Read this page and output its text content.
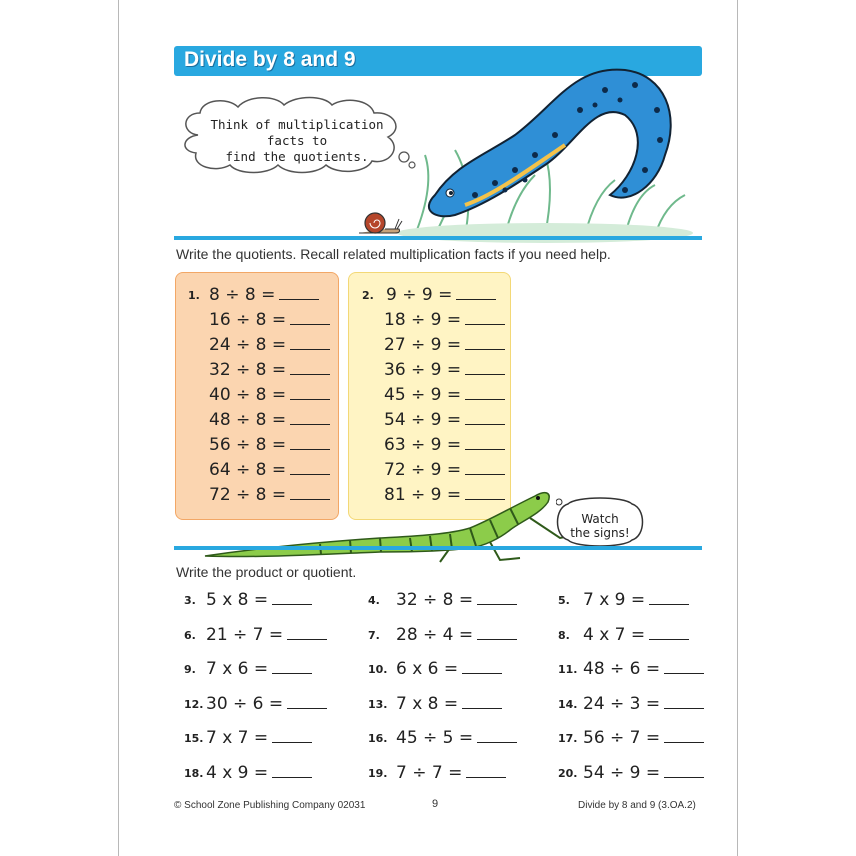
Divide by 8 and 9
Think of multiplication facts to
find the quotients.
Write the quotients. Recall related multiplication facts if you need help.
1. 8 ÷ 8 =
16 ÷ 8 =
24 ÷ 8 =
32 ÷ 8 =
40 ÷ 8 =
48 ÷ 8 =
56 ÷ 8 =
64 ÷ 8 =
72 ÷ 8 =
2. 9 ÷ 9 =
18 ÷ 9 =
27 ÷ 9 =
36 ÷ 9 =
45 ÷ 9 =
54 ÷ 9 =
63 ÷ 9 =
72 ÷ 9 =
81 ÷ 9 =
Watch
the signs!
Write the product or quotient.
3. 5 x 8 =	4. 32 ÷ 8 =	5. 7 x 9 =
6. 21 ÷ 7 =	7. 28 ÷ 4 =	8. 4 x 7 =
9. 7 x 6 =	10. 6 x 6 =	11. 48 ÷ 6 =
12. 30 ÷ 6 =	13. 7 x 8 =	14. 24 ÷ 3 =
15. 7 x 7 =	16. 45 ÷ 5 =	17. 56 ÷ 7 =
18. 4 x 9 =	19. 7 ÷ 7 =	20. 54 ÷ 9 =
© School Zone Publishing Company 02031	9	Divide by 8 and 9 (3.OA.2)
